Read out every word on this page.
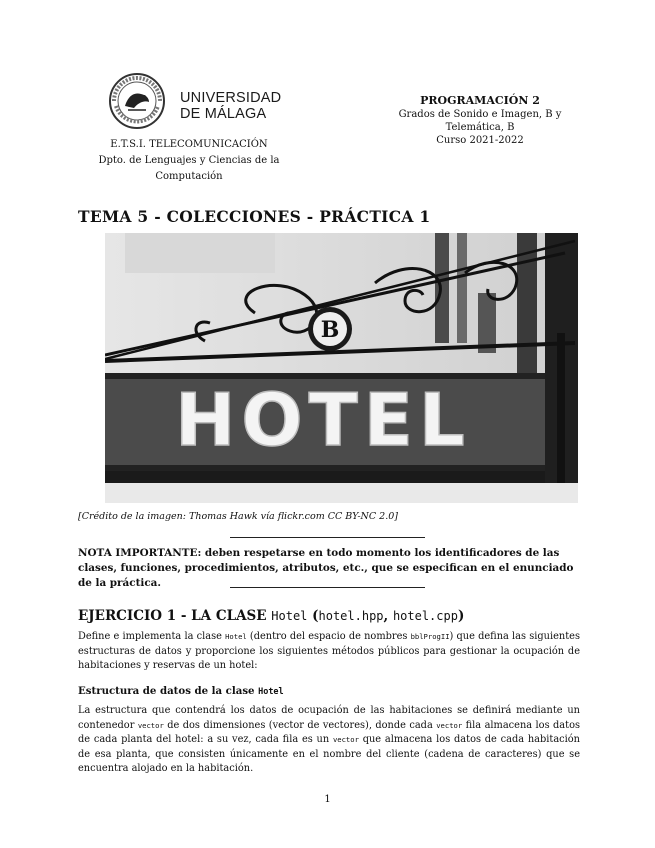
UNIVERSIDAD
DE MÁLAGA
E.T.S.I. TELECOMUNICACIÓN
Dpto. de Lenguajes y Ciencias de la Computación
PROGRAMACIÓN 2
Grados de Sonido e Imagen, B y
Telemática, B
Curso 2021-2022
TEMA 5 - COLECCIONES - PRÁCTICA 1
B
HOTEL
[Crédito de la imagen: Thomas Hawk vía flickr.com CC BY-NC 2.0]
NOTA IMPORTANTE: deben respetarse en todo momento los identificadores de las clases, funciones, procedimientos, atributos, etc., que se especifican en el enunciado de la práctica.
EJERCICIO 1 - LA CLASE Hotel (hotel.hpp, hotel.cpp)
Define e implementa la clase Hotel (dentro del espacio de nombres bblProgII) que defina las siguientes estructuras de datos y proporcione los siguientes métodos públicos para gestionar la ocupación de habitaciones y reservas de un hotel:
Estructura de datos de la clase Hotel
La estructura que contendrá los datos de ocupación de las habitaciones se definirá mediante un contenedor vector de dos dimensiones (vector de vectores), donde cada vector fila almacena los datos de cada planta del hotel: a su vez, cada fila es un vector que almacena los datos de cada habitación de esa planta, que consisten únicamente en el nombre del cliente (cadena de caracteres) que se encuentra alojado en la habitación.
1
